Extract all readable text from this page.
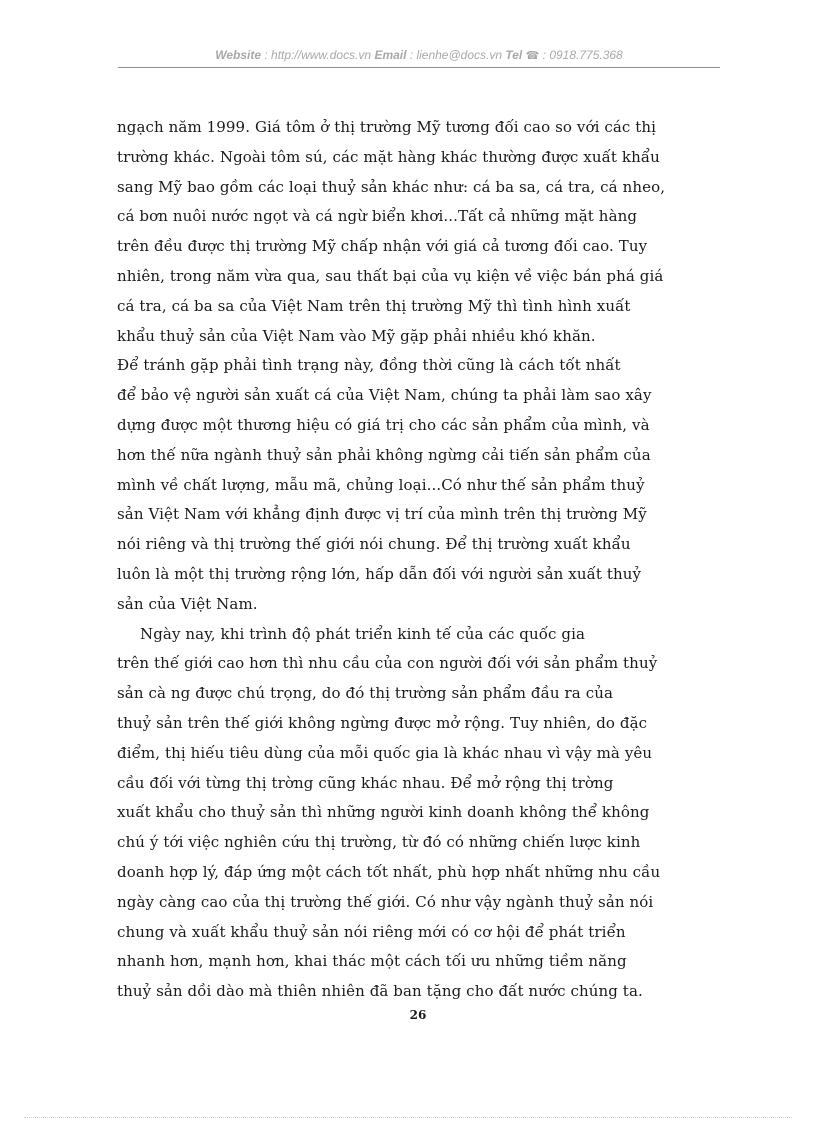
Website : http://www.docs.vn Email : lienhe@docs.vn Tel ☎ : 0918.775.368
ngạch năm 1999. Giá tôm ở thị trường Mỹ tương đối cao so với các thị
trường khác. Ngoài tôm sú, các mặt hàng khác thường được xuất khẩu
sang Mỹ bao gồm các loại thuỷ sản khác như: cá ba sa, cá tra, cá nheo,
cá bơn nuôi nước ngọt và cá ngừ biển khơi...Tất cả những mặt hàng
trên đều được thị trường Mỹ chấp nhận với giá cả tương đối cao. Tuy
nhiên, trong năm vừa qua, sau thất bại của vụ kiện về việc bán phá giá
cá tra, cá ba sa của Việt Nam trên thị trường Mỹ thì tình hình xuất
khẩu thuỷ sản của Việt Nam vào Mỹ gặp phải nhiều khó khăn.
Để tránh gặp phải tình trạng này, đồng thời cũng là cách tốt nhất
để bảo vệ người sản xuất cá của Việt Nam, chúng ta phải làm sao xây
dựng được một thương hiệu có giá trị cho các sản phẩm của mình, và
hơn thế nữa ngành thuỷ sản phải không ngừng cải tiến sản phẩm của
mình về chất lượng, mẫu mã, chủng loại...Có như thế sản phẩm thuỷ
sản Việt Nam với khẳng định được vị trí của mình trên thị trường Mỹ
nói riêng và thị trường thế giới nói chung. Để thị trường xuất khẩu
luôn là một thị trường rộng lớn, hấp dẫn đối với người sản xuất thuỷ
sản của Việt Nam.
Ngày nay, khi trình độ phát triển kinh tế của các quốc gia
trên thế giới cao hơn thì nhu cầu của con người đối với sản phẩm thuỷ
sản cà ng được chú trọng, do đó thị trường sản phẩm đầu ra của
thuỷ sản trên thế giới không ngừng được mở rộng. Tuy nhiên, do đặc
điểm, thị hiếu tiêu dùng của mỗi quốc gia là khác nhau vì vậy mà yêu
cầu đối với từng thị trờng cũng khác nhau. Để mở rộng thị trờng
xuất khẩu cho thuỷ sản thì những người kinh doanh không thể không
chú ý tới việc nghiên cứu thị trường, từ đó có những chiến lược kinh
doanh hợp lý, đáp ứng một cách tốt nhất, phù hợp nhất những nhu cầu
ngày càng cao của thị trường thế giới. Có như vậy ngành thuỷ sản nói
chung và xuất khẩu thuỷ sản nói riêng mới có cơ hội để phát triển
nhanh hơn, mạnh hơn, khai thác một cách tối ưu những tiềm năng
thuỷ sản dồi dào mà thiên nhiên đã ban tặng cho đất nước chúng ta.
26
